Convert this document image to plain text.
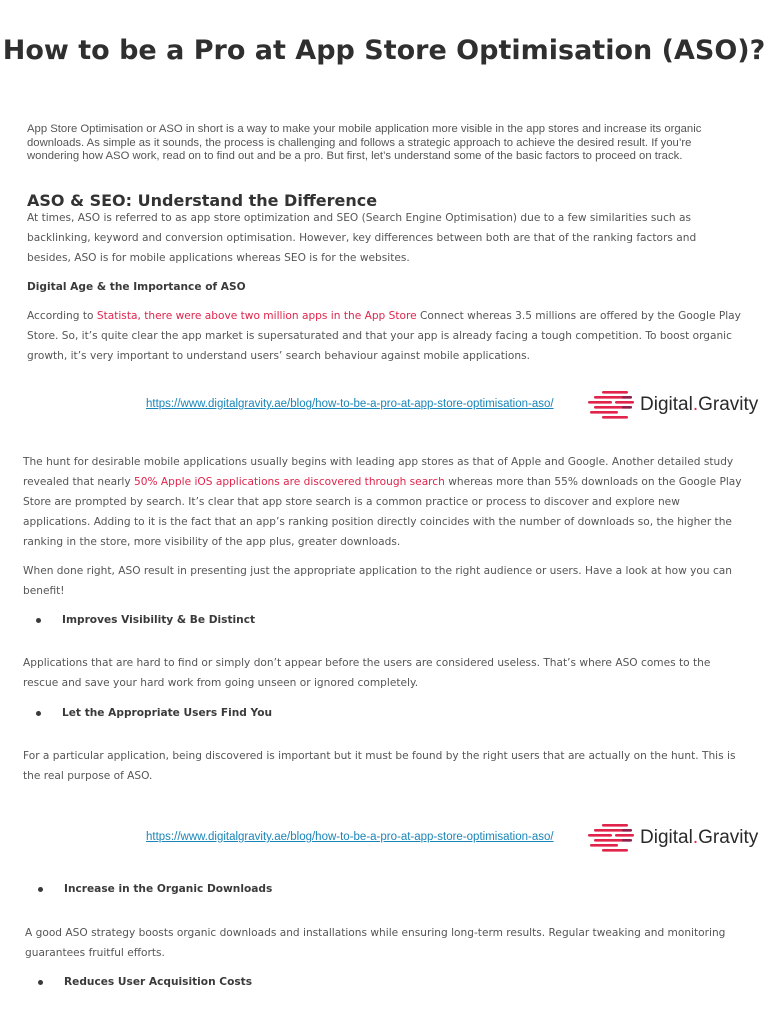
How to be a Pro at App Store Optimisation (ASO)?

App Store Optimisation or ASO in short is a way to make your mobile application more visible in the app stores and increase its organic downloads. As simple as it sounds, the process is challenging and follows a strategic approach to achieve the desired result. If you’re wondering how ASO work, read on to find out and be a pro. But first, let’s understand some of the basic factors to proceed on track.

ASO & SEO: Understand the Difference

At times, ASO is referred to as app store optimization and SEO (Search Engine Optimisation) due to a few similarities such as backlinking, keyword and conversion optimisation. However, key differences between both are that of the ranking factors and besides, ASO is for mobile applications whereas SEO is for the websites.

Digital Age & the Importance of ASO

According to Statista, there were above two million apps in the App Store Connect whereas 3.5 millions are offered by the Google Play Store. So, it’s quite clear the app market is supersaturated and that your app is already facing a tough competition. To boost organic growth, it’s very important to understand users’ search behaviour against mobile applications.

https://www.digitalgravity.ae/blog/how-to-be-a-pro-at-app-store-optimisation-aso/	Digital.Gravity

The hunt for desirable mobile applications usually begins with leading app stores as that of Apple and Google. Another detailed study revealed that nearly 50% Apple iOS applications are discovered through search whereas more than 55% downloads on the Google Play Store are prompted by search. It’s clear that app store search is a common practice or process to discover and explore new applications. Adding to it is the fact that an app’s ranking position directly coincides with the number of downloads so, the higher the ranking in the store, more visibility of the app plus, greater downloads.

When done right, ASO result in presenting just the appropriate application to the right audience or users. Have a look at how you can benefit!

Improves Visibility & Be Distinct

Applications that are hard to find or simply don’t appear before the users are considered useless. That’s where ASO comes to the rescue and save your hard work from going unseen or ignored completely.

Let the Appropriate Users Find You

For a particular application, being discovered is important but it must be found by the right users that are actually on the hunt. This is the real purpose of ASO.

https://www.digitalgravity.ae/blog/how-to-be-a-pro-at-app-store-optimisation-aso/	Digital.Gravity
Increase in the Organic Downloads

A good ASO strategy boosts organic downloads and installations while ensuring long-term results. Regular tweaking and monitoring guarantees fruitful efforts.

Reduces User Acquisition Costs
